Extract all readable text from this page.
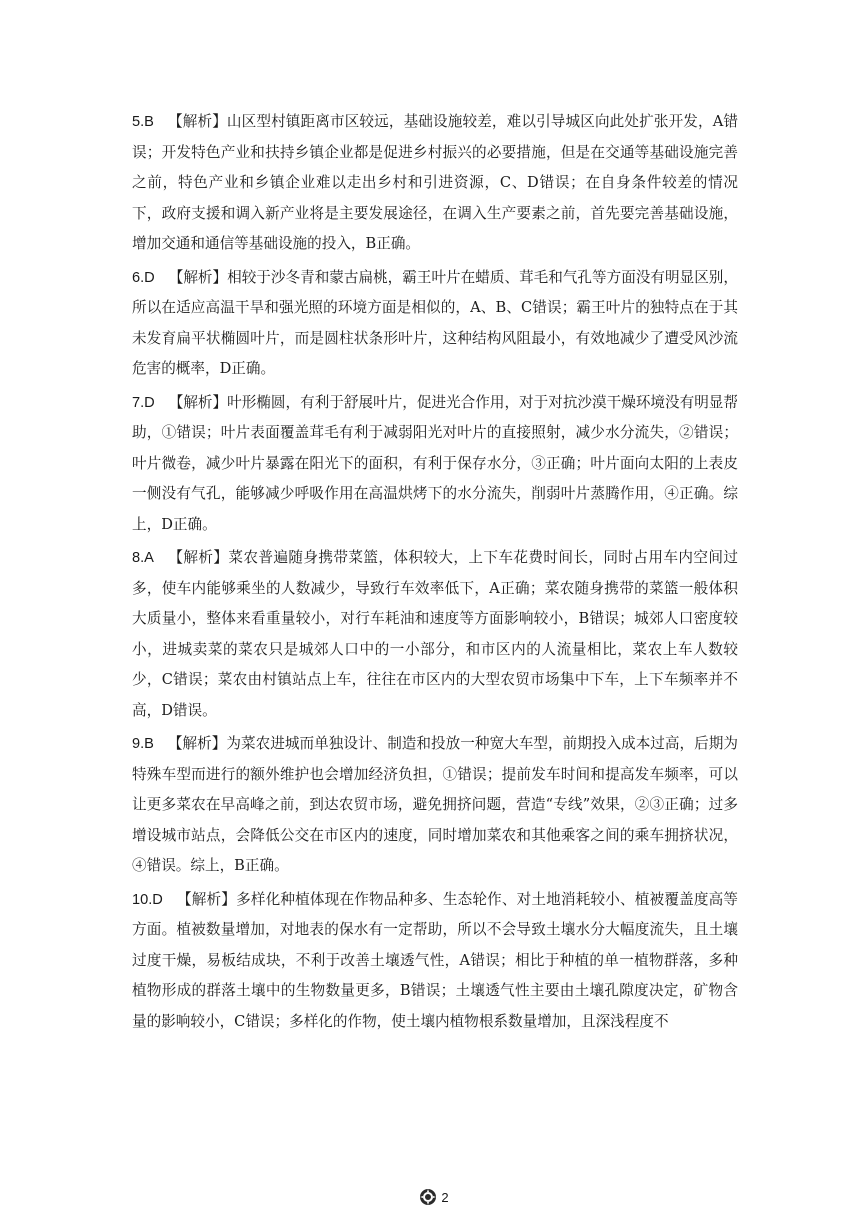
5.B 【解析】山区型村镇距离市区较远，基础设施较差，难以引导城区向此处扩张开发，A错误；开发特色产业和扶持乡镇企业都是促进乡村振兴的必要措施，但是在交通等基础设施完善之前，特色产业和乡镇企业难以走出乡村和引进资源，C、D错误；在自身条件较差的情况下，政府支援和调入新产业将是主要发展途径，在调入生产要素之前，首先要完善基础设施，增加交通和通信等基础设施的投入，B正确。

6.D 【解析】相较于沙冬青和蒙古扁桃，霸王叶片在蜡质、茸毛和气孔等方面没有明显区别，所以在适应高温干旱和强光照的环境方面是相似的，A、B、C错误；霸王叶片的独特点在于其未发育扁平状椭圆叶片，而是圆柱状条形叶片，这种结构风阻最小，有效地减少了遭受风沙流危害的概率，D正确。

7.D 【解析】叶形椭圆，有利于舒展叶片，促进光合作用，对于对抗沙漠干燥环境没有明显帮助，①错误；叶片表面覆盖茸毛有利于减弱阳光对叶片的直接照射，减少水分流失，②错误；叶片微卷，减少叶片暴露在阳光下的面积，有利于保存水分，③正确；叶片面向太阳的上表皮一侧没有气孔，能够减少呼吸作用在高温烘烤下的水分流失，削弱叶片蒸腾作用，④正确。综上，D正确。

8.A 【解析】菜农普遍随身携带菜篮，体积较大，上下车花费时间长，同时占用车内空间过多，使车内能够乘坐的人数减少，导致行车效率低下，A正确；菜农随身携带的菜篮一般体积大质量小，整体来看重量较小，对行车耗油和速度等方面影响较小，B错误；城郊人口密度较小，进城卖菜的菜农只是城郊人口中的一小部分，和市区内的人流量相比，菜农上车人数较少，C错误；菜农由村镇站点上车，往往在市区内的大型农贸市场集中下车，上下车频率并不高，D错误。

9.B 【解析】为菜农进城而单独设计、制造和投放一种宽大车型，前期投入成本过高，后期为特殊车型而进行的额外维护也会增加经济负担，①错误；提前发车时间和提高发车频率，可以让更多菜农在早高峰之前，到达农贸市场，避免拥挤问题，营造“专线”效果，②③正确；过多增设城市站点，会降低公交在市区内的速度，同时增加菜农和其他乘客之间的乘车拥挤状况，④错误。综上，B正确。

10.D 【解析】多样化种植体现在作物品种多、生态轮作、对土地消耗较小、植被覆盖度高等方面。植被数量增加，对地表的保水有一定帮助，所以不会导致土壤水分大幅度流失，且土壤过度干燥，易板结成块，不利于改善土壤透气性，A错误；相比于种植的单一植物群落，多种植物形成的群落土壤中的生物数量更多，B错误；土壤透气性主要由土壤孔隙度决定，矿物含量的影响较小，C错误；多样化的作物，使土壤内植物根系数量增加，且深浅程度不

2
